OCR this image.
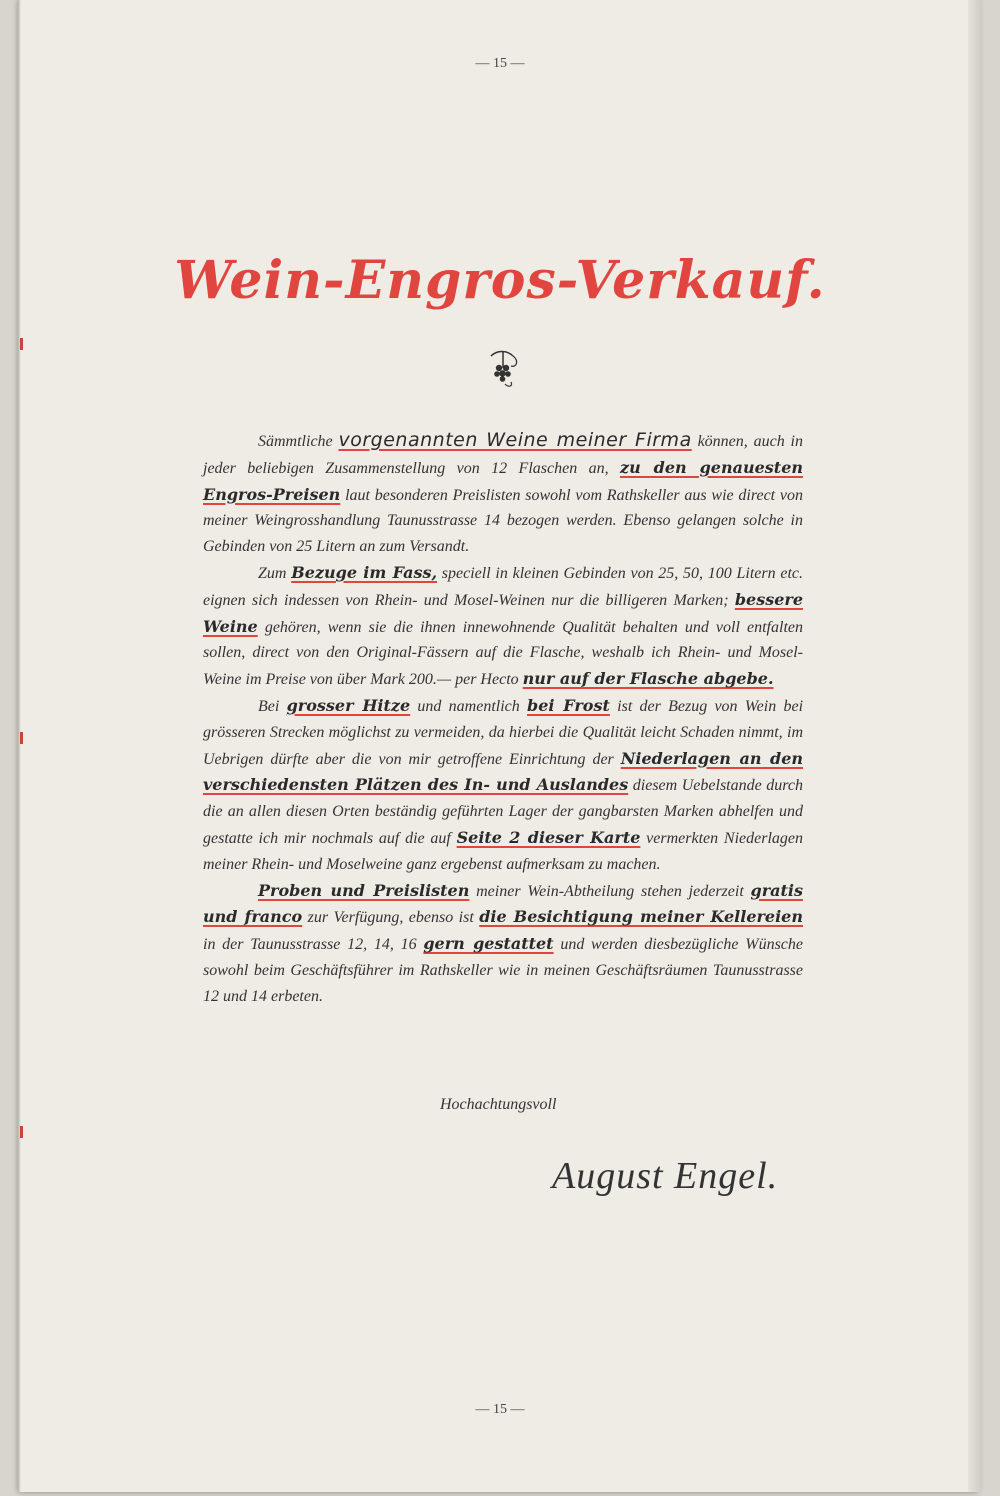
— 15 —
Wein-Engros-Verkauf.

Sämmtliche vorgenannten Weine meiner Firma können, auch in jeder beliebigen Zusammenstellung von 12 Flaschen an, zu den genauesten Engros-Preisen laut besonderen Preislisten sowohl vom Rathskeller aus wie direct von meiner Weingrosshandlung Taunusstrasse 14 bezogen werden. Ebenso gelangen solche in Gebinden von 25 Litern an zum Versandt.

Zum Bezuge im Fass, speciell in kleinen Gebinden von 25, 50, 100 Litern etc. eignen sich indessen von Rhein- und Mosel-Weinen nur die billigeren Marken; bessere Weine gehören, wenn sie die ihnen innewohnende Qualität behalten und voll entfalten sollen, direct von den Original-Fässern auf die Flasche, weshalb ich Rhein- und Mosel-Weine im Preise von über Mark 200.— per Hecto nur auf der Flasche abgebe.

Bei grosser Hitze und namentlich bei Frost ist der Bezug von Wein bei grösseren Strecken möglichst zu vermeiden, da hierbei die Qualität leicht Schaden nimmt, im Uebrigen dürfte aber die von mir getroffene Einrichtung der Niederlagen an den verschiedensten Plätzen des In- und Auslandes diesem Uebelstande durch die an allen diesen Orten beständig geführten Lager der gangbarsten Marken abhelfen und gestatte ich mir nochmals auf die auf Seite 2 dieser Karte vermerkten Niederlagen meiner Rhein- und Moselweine ganz ergebenst aufmerksam zu machen.

Proben und Preislisten meiner Wein-Abtheilung stehen jederzeit gratis und franco zur Verfügung, ebenso ist die Besichtigung meiner Kellereien in der Taunusstrasse 12, 14, 16 gern gestattet und werden diesbezügliche Wünsche sowohl beim Geschäftsführer im Rathskeller wie in meinen Geschäftsräumen Taunusstrasse 12 und 14 erbeten.

Hochachtungsvoll
August Engel.
— 15 —
